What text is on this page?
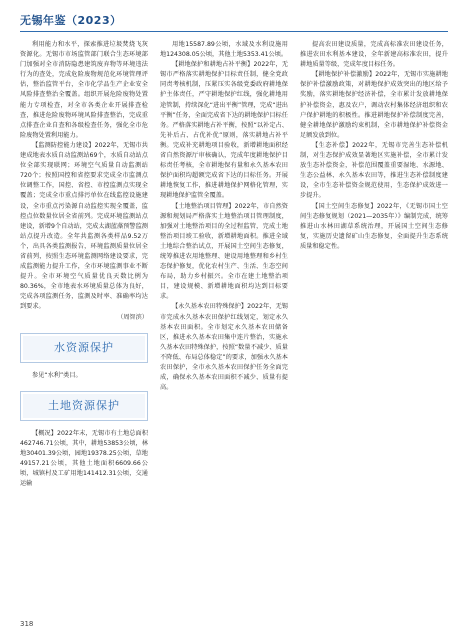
无锡年鉴（2023）

利用能力和水平，探索推进垃圾焚烧飞灰资源化。无锡市市场监管部门联合生态环境部门加强对全市消防隐患建筑废弃物等环境违法行为的查处，完成危险废物规范化环境管理评估，整治监管平台，全市化学品生产企业安全风险排查整治全覆盖。组织开展危险废物处置能力专项检查，对全市各类企业开展排查检查，推进危险废物环境风险排查整治，完成重点排查企业自查和各级检查任务，强化全市危险废物处置利用能力。

【监测防控能力建设】2022年，无锡市共建成地表水质自动监测站69个，水质自动站点位全部实现联网；环境空气质量自动监测站720个；按照国控和省控要求完成全市监测点位调整工作，国控、省控、市控监测点实现全覆盖；完成全市重点排污单位在线监控设施建设，全市重点污染源自动监控实现全覆盖，监控点位数量位居全省前列。完成环境监测站点建设，新增9个自动站，完成太湖蓝藻预警监测站点提升改造。全年共监测各类样品9.52万个，出具各类监测报告，环境监测质量位居全省前列，按照生态环境监测网络建设要求，完成监测能力提升工作，全市环境监测事业不断提升。全市环境空气质量优良天数比例为80.36%，全市地表水环境质量总体为良好，完成各项监测任务，监测及时率、准确率均达到要求。

（周智滨）

水资源保护

参见“水利”类目。

土地资源保护

【概况】2022年末，无锡市有土地总面积462746.71公顷，其中，耕地53853公顷，林地30401.39公顷，园地19378.25公顷，草地49157.21公顷，其他土地面积6609.66公顷，城镇村及工矿用地141412.31公顷，交通运输

用地15587.89公顷，水域及水利设施用地124308.05公顷，其他土地5353.41公顷。

【耕地保护和耕地占补平衡】2022年，无锡市严格落实耕地保护目标责任制，健全党政同责考核机制，压紧压实各级党委政府耕地保护主体责任，严守耕地保护红线，强化耕地用途管制，持续深化“进出平衡”管理，完成“进出平衡”任务，全面完成省下达的耕地保护目标任务。严格落实耕地占补平衡，按照“以补定占、先补后占、占优补优”原则，落实耕地占补平衡。完成补充耕地项目验收，新增耕地面积经省自然资源厅审核确认，完成年度耕地保护目标责任考核，全市耕地保有量和永久基本农田保护面积均超额完成省下达的目标任务。开展耕地恢复工作，推进耕地保护网格化管理，实现耕地保护监管全覆盖。

【土地整治项目管理】2022年，市自然资源和规划局严格落实土地整治项目管理制度，加强对土地整治项目的全过程监管，完成土地整治项目竣工验收，新增耕地面积。推进全域土地综合整治试点，开展国土空间生态修复，统筹推进农用地整理、建设用地整理和乡村生态保护修复，优化农村生产、生活、生态空间布局，助力乡村振兴。全市在建土地整治项目，建设规模、新增耕地面积均达到目标要求。

【永久基本农田特殊保护】2022年，无锡市完成永久基本农田保护红线划定，划定永久基本农田面积。全市划定永久基本农田储备区，推进永久基本农田集中连片整治，实施永久基本农田特殊保护，按照“数量不减少、质量不降低、布局总体稳定”的要求，加强永久基本农田保护，全市永久基本农田保护任务全面完成，确保永久基本农田面积不减少、质量有提高。

提高农田建设质量，完成高标准农田建设任务，推进农田水利基本建设，全年新建高标准农田，提升耕地质量等级，完成年度目标任务。

【耕地保护补偿激励】2022年，无锡市实施耕地保护补偿激励政策，对耕地保护成效突出的地区给予奖励，落实耕地保护经济补偿，全市累计发放耕地保护补偿资金，惠及农户，调动农村集体经济组织和农户保护耕地的积极性。推进耕地保护补偿制度完善，健全耕地保护激励约束机制，全市耕地保护补偿资金足额发放到位。

【生态补偿】2022年，无锡市完善生态补偿机制，对生态保护成效显著地区实施补偿，全市累计发放生态补偿资金，补偿范围覆盖重要湿地、水源地、生态公益林、永久基本农田等，推进生态补偿制度建设，全市生态补偿资金规范使用，生态保护成效进一步提升。

【国土空间生态修复】2022年，《无锡市国土空间生态修复规划（2021—2035年）》编制完成，统筹推进山水林田湖草系统治理，开展国土空间生态修复，实施历史遗留矿山生态修复，全面提升生态系统质量和稳定性。

318
